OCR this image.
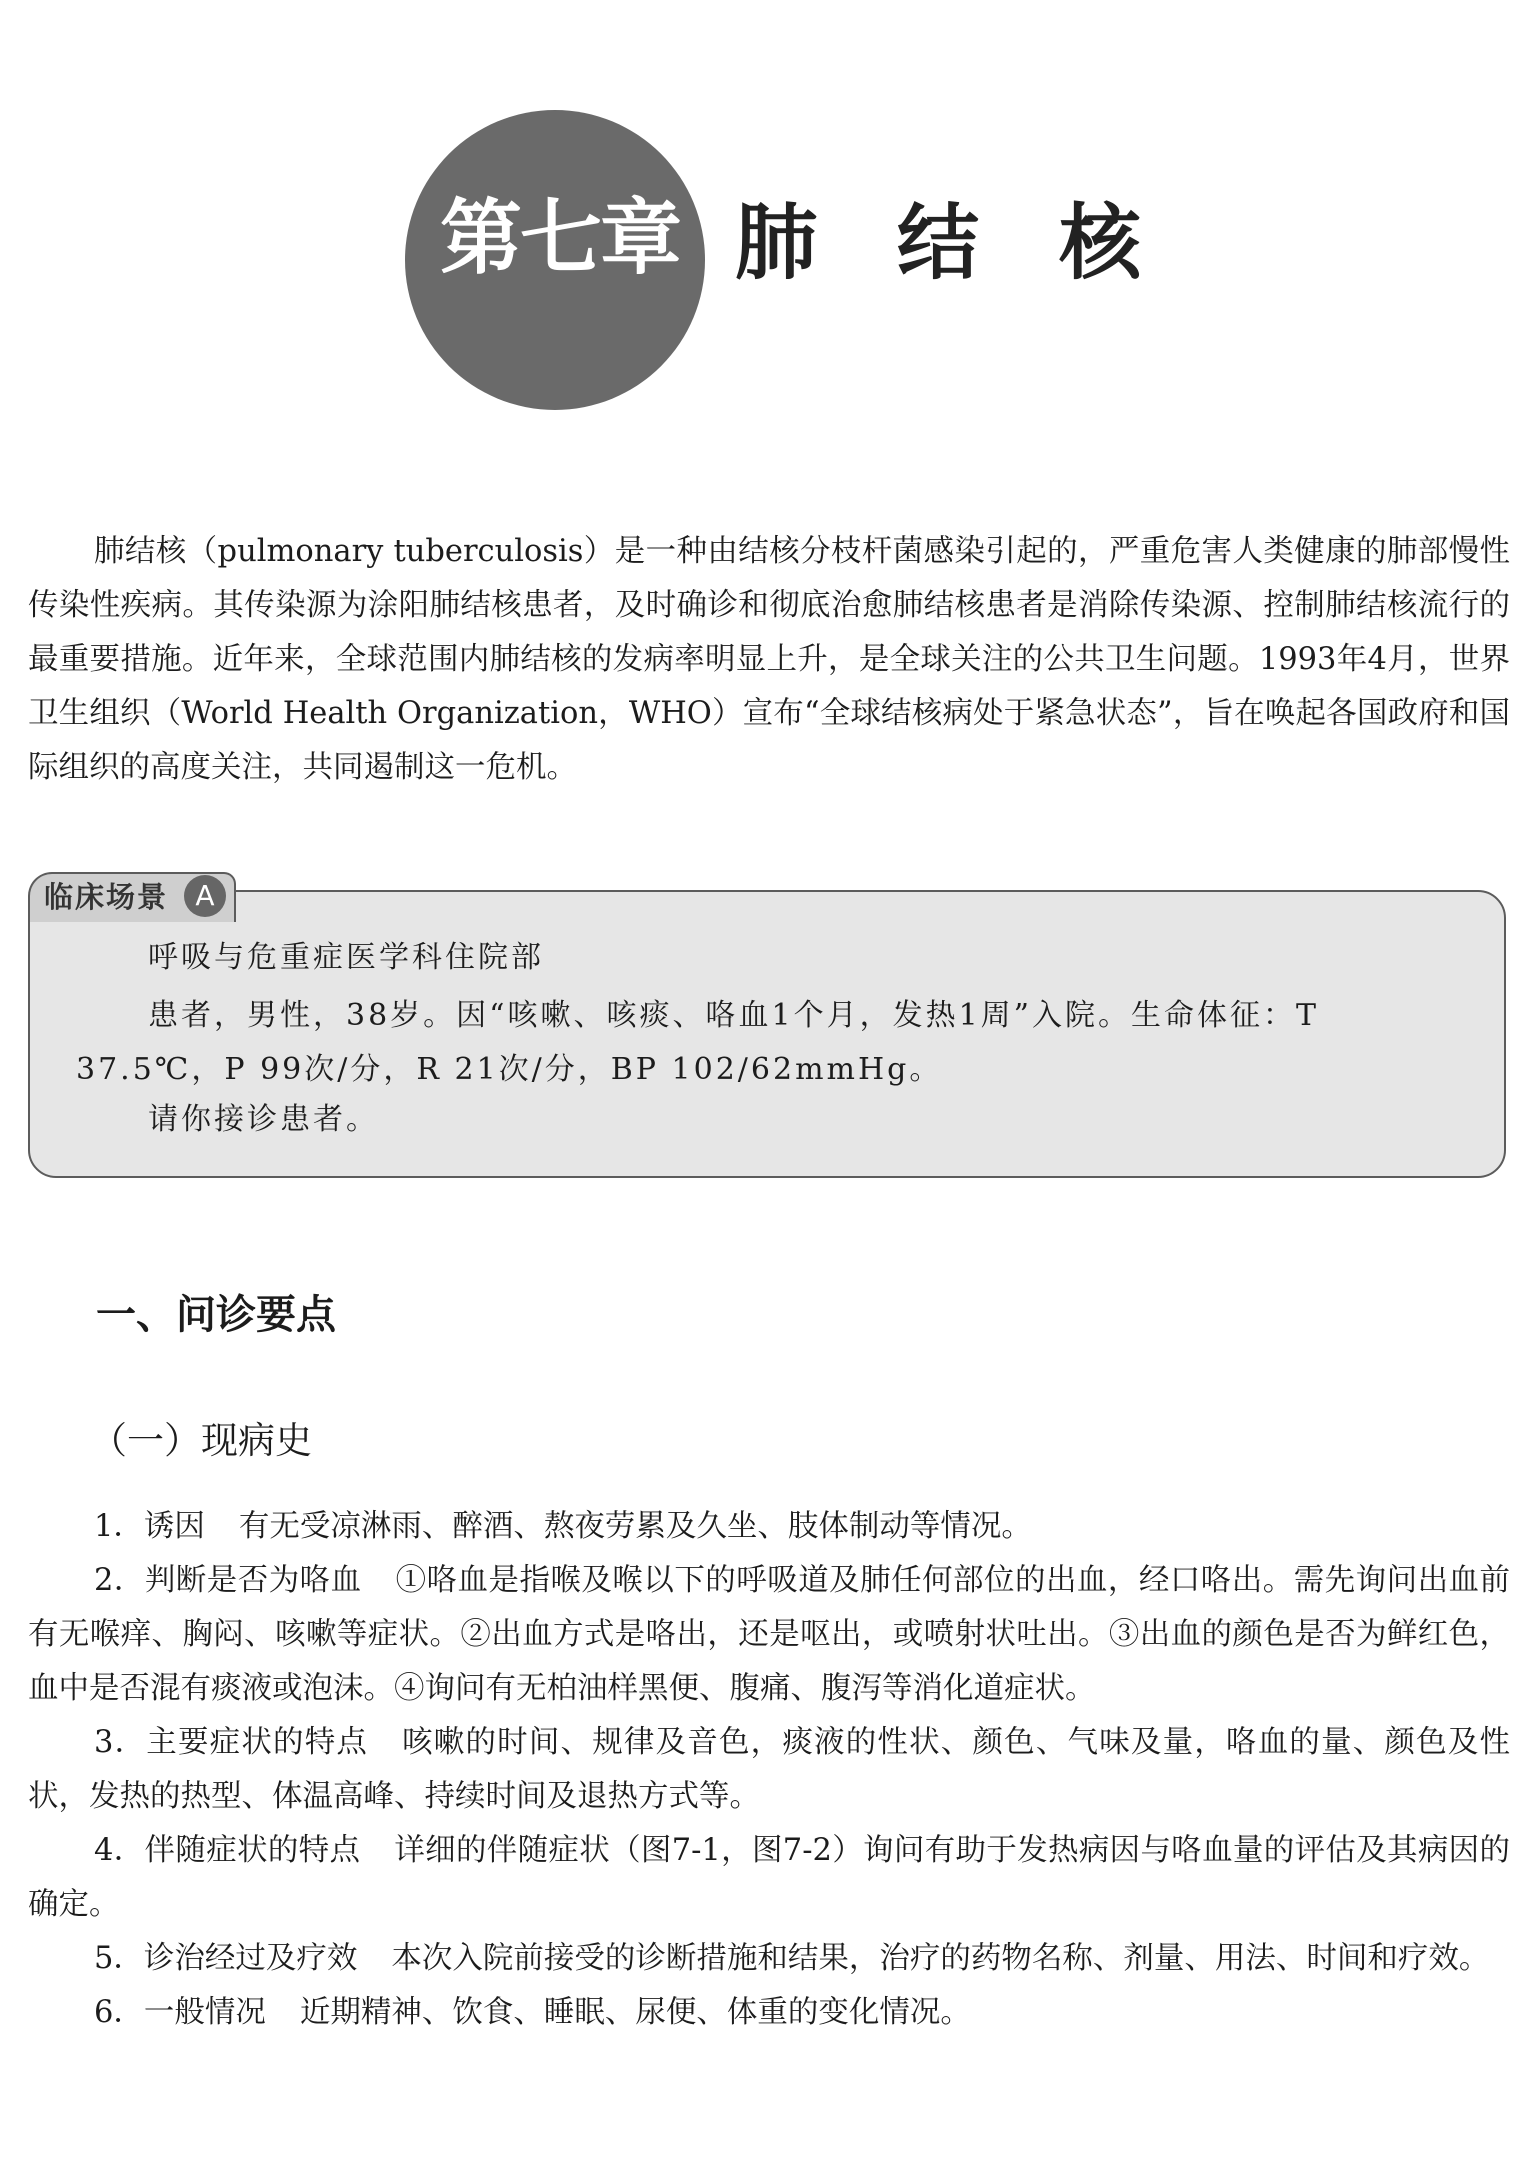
第七章 肺结核

肺结核（pulmonary tuberculosis）是一种由结核分枝杆菌感染引起的，严重危害人类健康的肺部慢性传染性疾病。其传染源为涂阳肺结核患者，及时确诊和彻底治愈肺结核患者是消除传染源、控制肺结核流行的最重要措施。近年来，全球范围内肺结核的发病率明显上升，是全球关注的公共卫生问题。1993年4月，世界卫生组织（World Health Organization，WHO）宣布“全球结核病处于紧急状态”，旨在唤起各国政府和国际组织的高度关注，共同遏制这一危机。

临床场景 A
呼吸与危重症医学科住院部

患者，男性，38岁。因“咳嗽、咳痰、咯血1个月，发热1周”入院。生命体征：T 37.5℃，P 99次/分，R 21次/分，BP 102/62mmHg。

请你接诊患者。
一、问诊要点
（一）现病史

1．诱因 有无受凉淋雨、醉酒、熬夜劳累及久坐、肢体制动等情况。

2．判断是否为咯血 ①咯血是指喉及喉以下的呼吸道及肺任何部位的出血，经口咯出。需先询问出血前有无喉痒、胸闷、咳嗽等症状。②出血方式是咯出，还是呕出，或喷射状吐出。③出血的颜色是否为鲜红色，血中是否混有痰液或泡沫。④询问有无柏油样黑便、腹痛、腹泻等消化道症状。

3．主要症状的特点 咳嗽的时间、规律及音色，痰液的性状、颜色、气味及量，咯血的量、颜色及性状，发热的热型、体温高峰、持续时间及退热方式等。

4．伴随症状的特点 详细的伴随症状（图7-1，图7-2）询问有助于发热病因与咯血量的评估及其病因的确定。

5．诊治经过及疗效 本次入院前接受的诊断措施和结果，治疗的药物名称、剂量、用法、时间和疗效。

6．一般情况 近期精神、饮食、睡眠、尿便、体重的变化情况。
